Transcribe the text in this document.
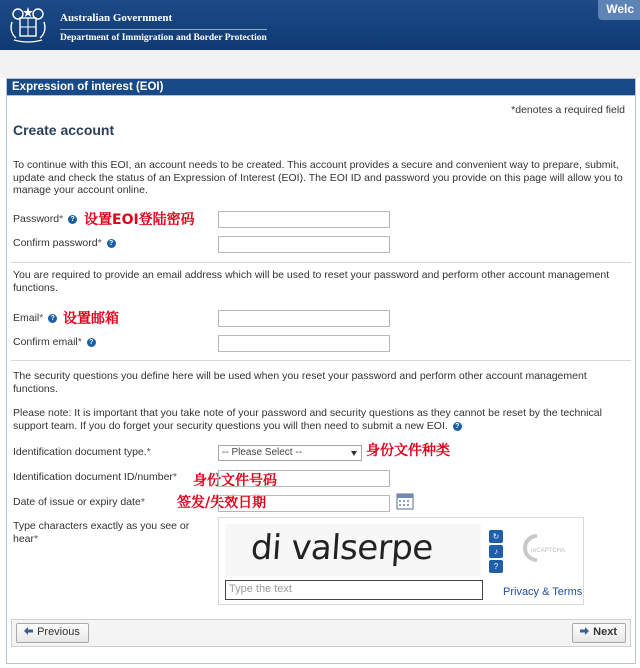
Australian Government
Department of Immigration and Border Protection
Welc
Expression of interest (EOI)
*denotes a required field
Create account

To continue with this EOI, an account needs to be created. This account provides a secure and convenient way to prepare, submit, update and check the status of an Expression of Interest (EOI). The EOI ID and password you provide on this page will allow you to manage your account online.

Password* ? 设置EOI登陆密码
Confirm password* ?

You are required to provide an email address which will be used to reset your password and perform other account management functions.

Email* ? 设置邮箱
Confirm email* ?

The security questions you define here will be used when you reset your password and perform other account management functions.

Please note: It is important that you take note of your password and security questions as they cannot be reset by the technical support team. If you do forget your security questions you will then need to submit a new EOI. ?

Identification document type.*	-- Please Select --	身份文件种类
Identification document ID/number* 身份文件号码
Date of issue or expiry date* 签发/失效日期
Type characters exactly as you see or hear*	di valserpe
Type the text
↻
♪
?
reCAPTCHA
Privacy & Terms
Previous	Next
